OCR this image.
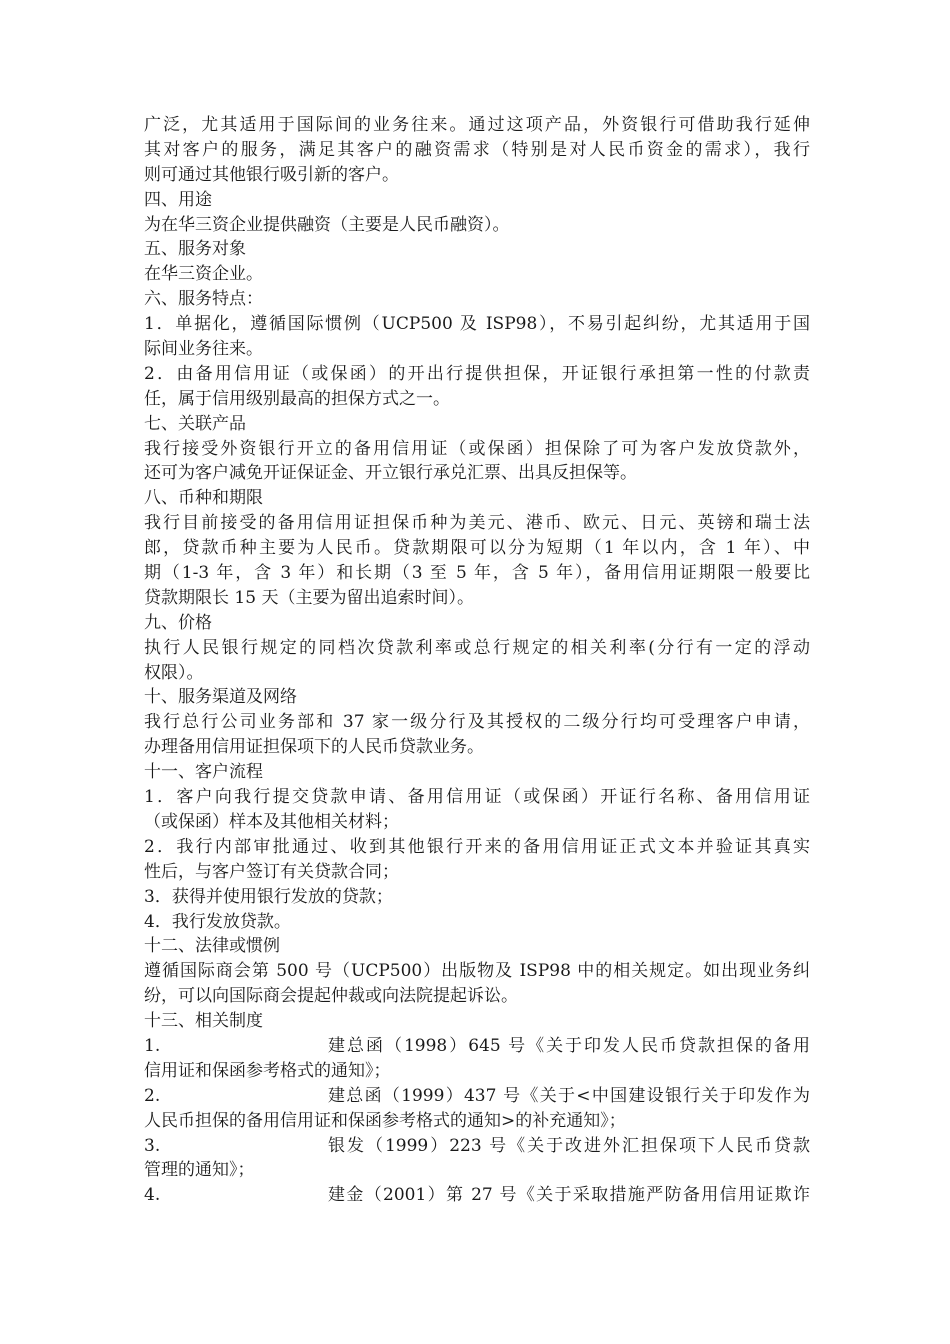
广泛，尤其适用于国际间的业务往来。通过这项产品，外资银行可借助我行延伸
其对客户的服务，满足其客户的融资需求（特别是对人民币资金的需求），我行
则可通过其他银行吸引新的客户。
四、用途
为在华三资企业提供融资（主要是人民币融资）。
五、服务对象
在华三资企业。
六、服务特点：
1．单据化，遵循国际惯例（UCP500 及 ISP98），不易引起纠纷，尤其适用于国
际间业务往来。
2．由备用信用证（或保函）的开出行提供担保，开证银行承担第一性的付款责
任，属于信用级别最高的担保方式之一。
七、关联产品
我行接受外资银行开立的备用信用证（或保函）担保除了可为客户发放贷款外，
还可为客户减免开证保证金、开立银行承兑汇票、出具反担保等。
八、币种和期限
我行目前接受的备用信用证担保币种为美元、港币、欧元、日元、英镑和瑞士法
郎，贷款币种主要为人民币。贷款期限可以分为短期（1 年以内，含 1 年）、中
期（1-3 年，含 3 年）和长期（3 至 5 年，含 5 年），备用信用证期限一般要比
贷款期限长 15 天（主要为留出追索时间）。
九、价格
执行人民银行规定的同档次贷款利率或总行规定的相关利率(分行有一定的浮动
权限）。
十、服务渠道及网络
我行总行公司业务部和 37 家一级分行及其授权的二级分行均可受理客户申请，
办理备用信用证担保项下的人民币贷款业务。
十一、客户流程
1．客户向我行提交贷款申请、备用信用证（或保函）开证行名称、备用信用证
（或保函）样本及其他相关材料；
2．我行内部审批通过、收到其他银行开来的备用信用证正式文本并验证其真实
性后，与客户签订有关贷款合同；
3．获得并使用银行发放的贷款；
4．我行发放贷款。
十二、法律或惯例
遵循国际商会第 500 号（UCP500）出版物及 ISP98 中的相关规定。如出现业务纠
纷，可以向国际商会提起仲裁或向法院提起诉讼。
十三、相关制度
1.	建总函（1998）645 号《关于印发人民币贷款担保的备用
信用证和保函参考格式的通知》；
2.	建总函（1999）437 号《关于<中国建设银行关于印发作为
人民币担保的备用信用证和保函参考格式的通知>的补充通知》；
3.	银发（1999）223 号《关于改进外汇担保项下人民币贷款
管理的通知》；
4.	建金（2001）第 27 号《关于采取措施严防备用信用证欺诈
